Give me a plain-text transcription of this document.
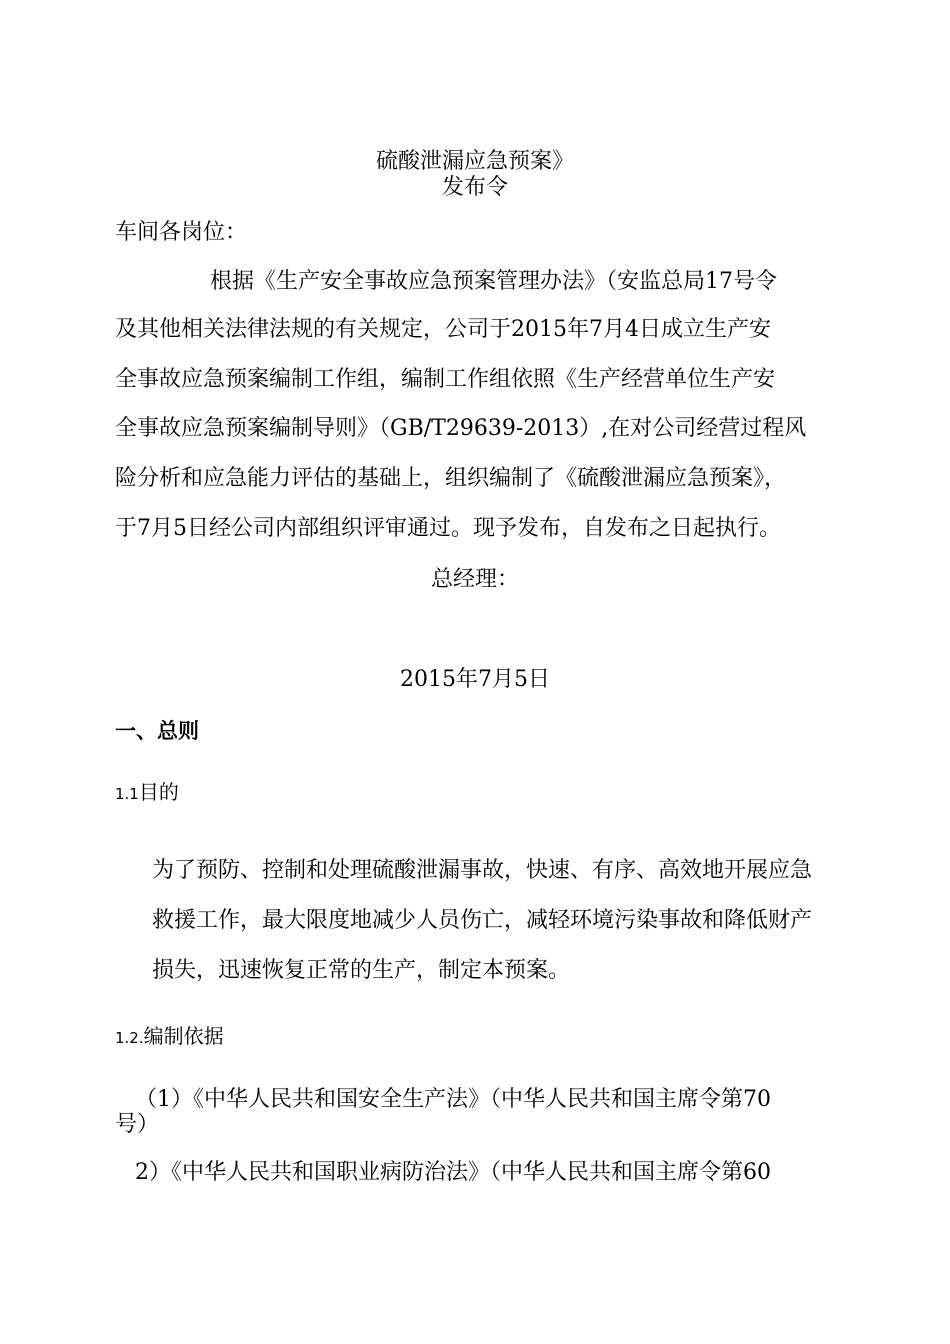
硫酸泄漏应急预案》
发布令
车间各岗位：
根据《生产安全事故应急预案管理办法》（安监总局17号令
及其他相关法律法规的有关规定，公司于2015年7月4日成立生产安
全事故应急预案编制工作组，编制工作组依照《生产经营单位生产安
全事故应急预案编制导则》（GB/T29639-2013）,在对公司经营过程风
险分析和应急能力评估的基础上，组织编制了《硫酸泄漏应急预案》，
于7月5日经公司内部组织评审通过。现予发布，自发布之日起执行。
总经理：
2015年7月5日
一、总则
1.1目的
为了预防、控制和处理硫酸泄漏事故，快速、有序、高效地开展应急
救援工作，最大限度地减少人员伤亡，减轻环境污染事故和降低财产
损失，迅速恢复正常的生产，制定本预案。
1.2.编制依据
（1）《中华人民共和国安全生产法》（中华人民共和国主席令第70
号）
2）《中华人民共和国职业病防治法》（中华人民共和国主席令第60
